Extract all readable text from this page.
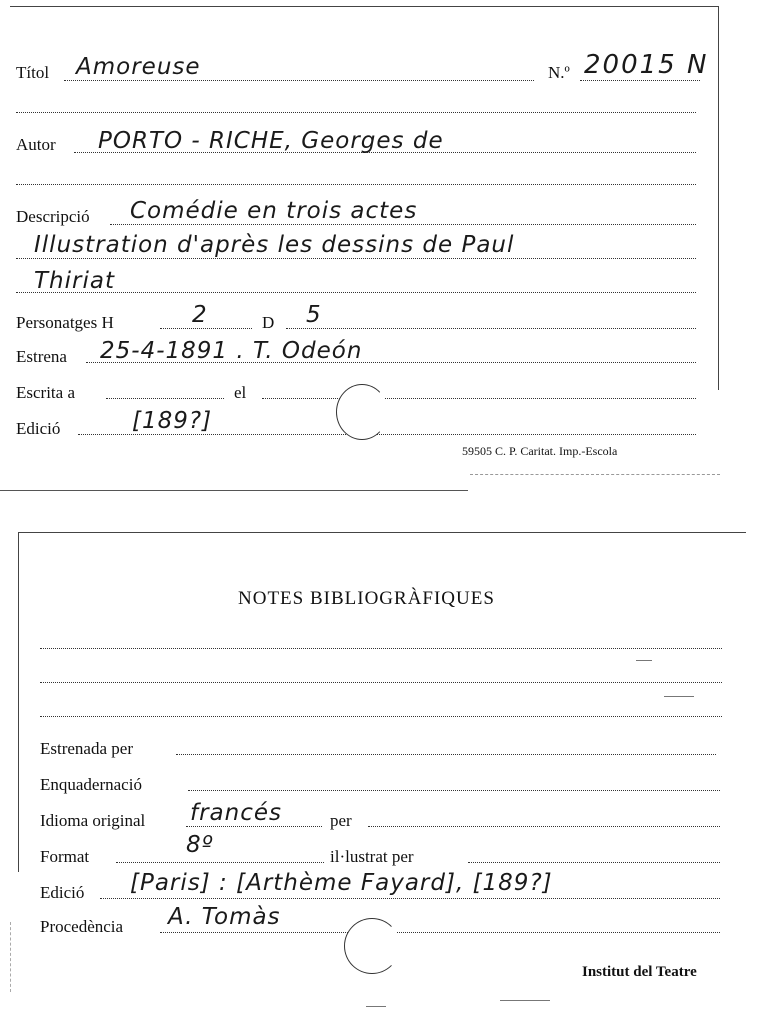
Títol Amoreuse	N.º 20015 N
Autor PORTO - RICHE, Georges de
Descripció Comédie en trois actes
Illustration d'après les dessins de Paul
Thiriat
Personatges H	2	D 5
Estrena 25-4-1891 . T. Odeón
Escrita a	el
Edició	[189?]
59505 C. P. Caritat. Imp.-Escola
NOTES BIBLIOGRÀFIQUES
Estrenada per
Enquadernació
Idioma original francés	per
Format	8º	il·lustrat per
Edició [Paris] : [Arthème Fayard], [189?]
Procedència A. Tomàs
Institut del Teatre
